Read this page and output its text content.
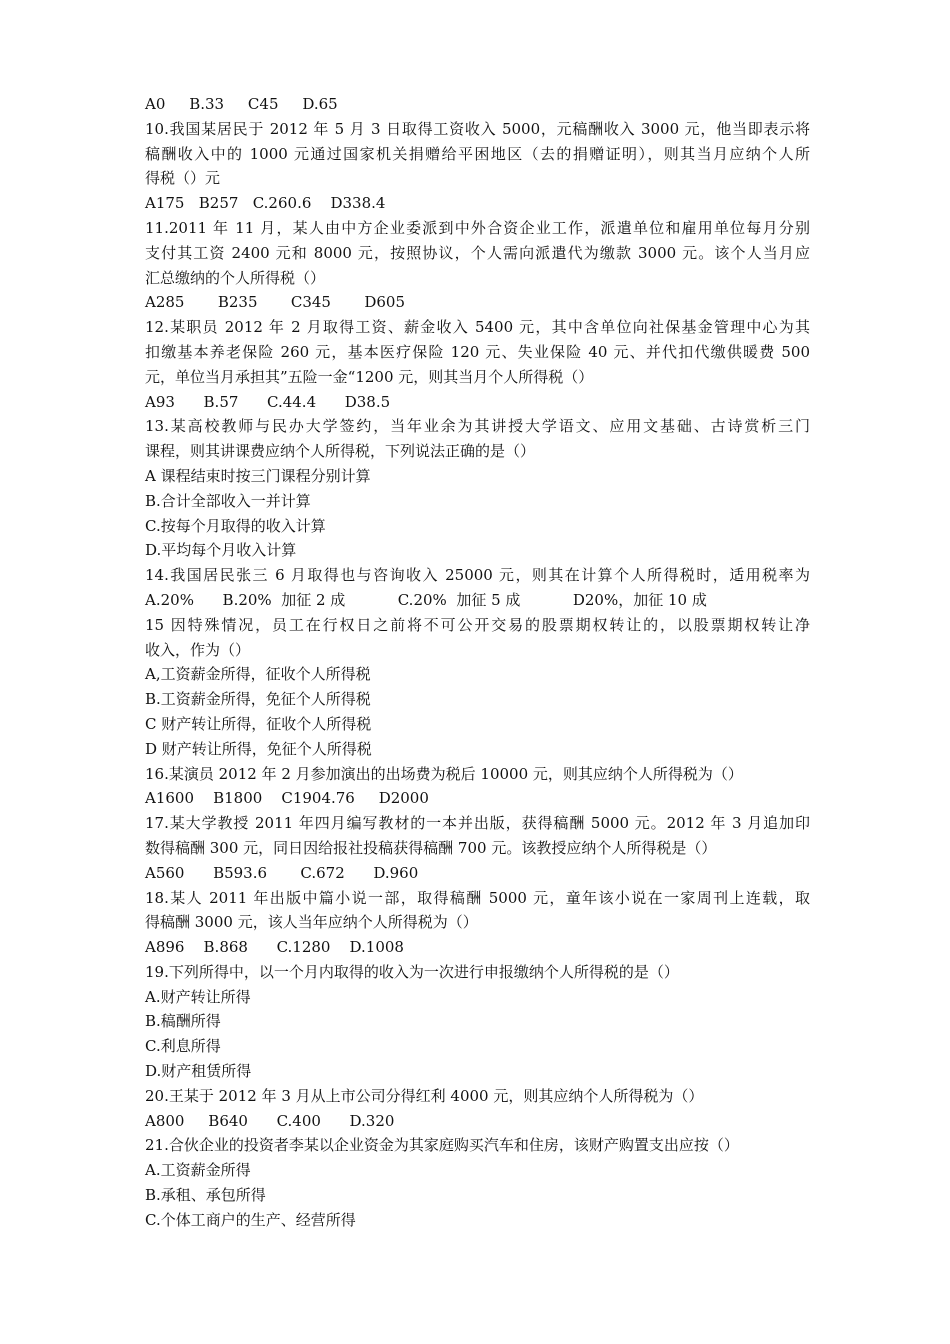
A0     B.33     C45     D.65
10.我国某居民于 2012 年 5 月 3 日取得工资收入 5000，元稿酬收入 3000 元，他当即表示将
稿酬收入中的 1000 元通过国家机关捐赠给平困地区（去的捐赠证明），则其当月应纳个人所
得税（）元
A175   B257   C.260.6    D338.4
11.2011 年 11 月，某人由中方企业委派到中外合资企业工作，派遣单位和雇用单位每月分别
支付其工资 2400 元和 8000 元，按照协议，个人需向派遣代为缴款 3000 元。该个人当月应
汇总缴纳的个人所得税（）
A285       B235       C345       D605
12.某职员 2012 年 2 月取得工资、薪金收入 5400 元，其中含单位向社保基金管理中心为其
扣缴基本养老保险 260 元，基本医疗保险 120 元、失业保险 40 元、并代扣代缴供暖费 500
元，单位当月承担其”五险一金“1200 元，则其当月个人所得税（）
A93      B.57      C.44.4      D38.5
13.某高校教师与民办大学签约，当年业余为其讲授大学语文、应用文基础、古诗赏析三门
课程，则其讲课费应纳个人所得税，下列说法正确的是（）
A 课程结束时按三门课程分别计算
B.合计全部收入一并计算
C.按每个月取得的收入计算
D.平均每个月收入计算
14.我国居民张三 6 月取得也与咨询收入 25000 元，则其在计算个人所得税时，适用税率为
A.20%      B.20%  加征 2 成           C.20%  加征 5 成           D20%，加征 10 成
15 因特殊情况，员工在行权日之前将不可公开交易的股票期权转让的，以股票期权转让净
收入，作为（）
A,工资薪金所得，征收个人所得税
B.工资薪金所得，免征个人所得税
C 财产转让所得，征收个人所得税
D 财产转让所得，免征个人所得税
16.某演员 2012 年 2 月参加演出的出场费为税后 10000 元，则其应纳个人所得税为（）
A1600    B1800    C1904.76     D2000
17.某大学教授 2011 年四月编写教材的一本并出版，获得稿酬 5000 元。2012 年 3 月追加印
数得稿酬 300 元，同日因给报社投稿获得稿酬 700 元。该教授应纳个人所得税是（）
A560      B593.6       C.672      D.960
18.某人 2011 年出版中篇小说一部，取得稿酬 5000 元，童年该小说在一家周刊上连载，取
得稿酬 3000 元，该人当年应纳个人所得税为（）
A896    B.868      C.1280    D.1008
19.下列所得中，以一个月内取得的收入为一次进行申报缴纳个人所得税的是（）
A.财产转让所得
B.稿酬所得
C.利息所得
D.财产租赁所得
20.王某于 2012 年 3 月从上市公司分得红利 4000 元，则其应纳个人所得税为（）
A800     B640      C.400      D.320
21.合伙企业的投资者李某以企业资金为其家庭购买汽车和住房，该财产购置支出应按（）
A.工资薪金所得
B.承租、承包所得
C.个体工商户的生产、经营所得
